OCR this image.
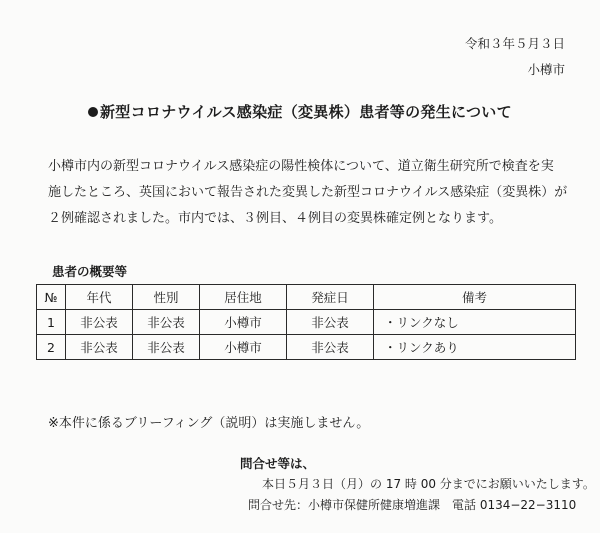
令和３年５月３日
小樽市
新型コロナウイルス感染症（変異株）患者等の発生について
小樽市内の新型コロナウイルス感染症の陽性検体について、道立衛生研究所で検査を実
施したところ、英国において報告された変異した新型コロナウイルス感染症（変異株）が
２例確認されました。市内では、３例目、４例目の変異株確定例となります。
患者の概要等
№	年代	性別	居住地	発症日	備考
1	非公表	非公表	小樽市	非公表	・リンクなし
2	非公表	非公表	小樽市	非公表	・リンクあり
※本件に係るブリーフィング（説明）は実施しません。
問合せ等は、
本日５月３日（月）の 17 時 00 分までにお願いいたします。
問合せ先：小樽市保健所健康増進課　電話 0134−22−3110
